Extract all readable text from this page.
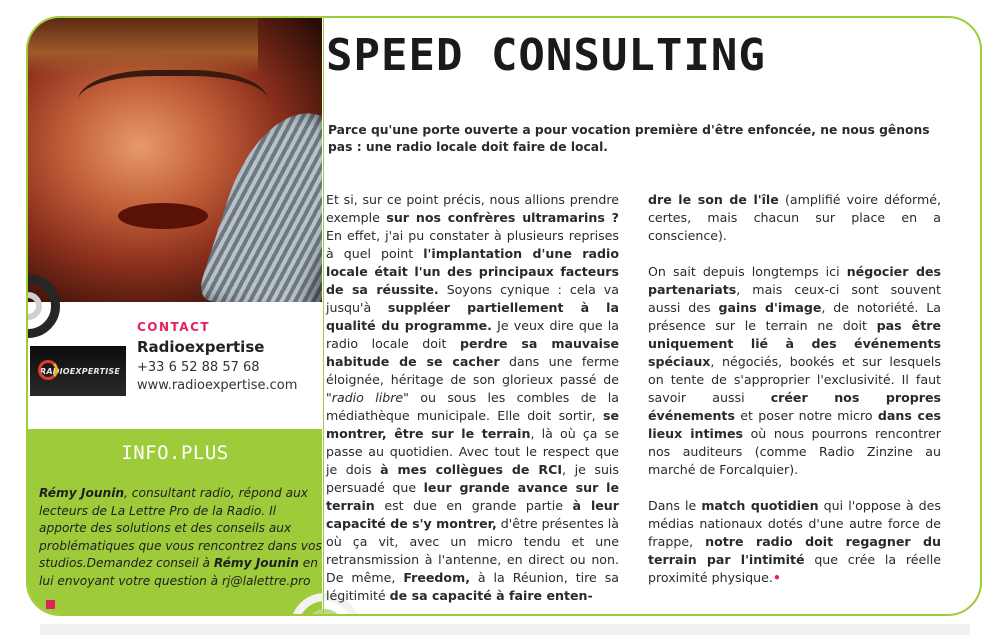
RADIOEXPERTISE
CONTACT
Radioexpertise
+33 6 52 88 57 68
www.radioexpertise.com
INFO.PLUS
Rémy Jounin, consultant radio, répond aux lecteurs de La Lettre Pro de la Radio. Il apporte des solutions et des conseils aux problématiques que vous rencontrez dans vos studios.Demandez conseil à Rémy Jounin en lui envoyant votre question à rj@lalettre.pro
SPEED CONSULTING
Parce qu'une porte ouverte a pour vocation première d'être enfoncée, ne nous gênons pas : une radio locale doit faire de local.

Et si, sur ce point précis, nous allions prendre exemple sur nos confrères ultramarins ? En effet, j'ai pu constater à plusieurs reprises à quel point l'implantation d'une radio locale était l'un des principaux facteurs de sa réussite. Soyons cynique : cela va jusqu'à suppléer partiellement à la qualité du programme. Je veux dire que la radio locale doit perdre sa mauvaise habitude de se cacher dans une ferme éloignée, héritage de son glorieux passé de "radio libre" ou sous les combles de la médiathèque municipale. Elle doit sortir, se montrer, être sur le terrain, là où ça se passe au quotidien. Avec tout le respect que je dois à mes collègues de RCI, je suis persuadé que leur grande avance sur le terrain est due en grande partie à leur capacité de s'y montrer, d'être présentes là où ça vit, avec un micro tendu et une retransmission à l'antenne, en direct ou non. De même, Freedom, à la Réunion, tire sa légitimité de sa capacité à faire enten-

dre le son de l'île (amplifié voire déformé, certes, mais chacun sur place en a conscience).

On sait depuis longtemps ici négocier des partenariats, mais ceux-ci sont souvent aussi des gains d'image, de notoriété. La présence sur le terrain ne doit pas être uniquement lié à des événements spéciaux, négociés, bookés et sur lesquels on tente de s'approprier l'exclusivité. Il faut savoir aussi créer nos propres événements et poser notre micro dans ces lieux intimes où nous pourrons rencontrer nos auditeurs (comme Radio Zinzine au marché de Forcalquier).

Dans le match quotidien qui l'oppose à des médias nationaux dotés d'une autre force de frappe, notre radio doit regagner du terrain par l'intimité que crée la réelle proximité physique.•
